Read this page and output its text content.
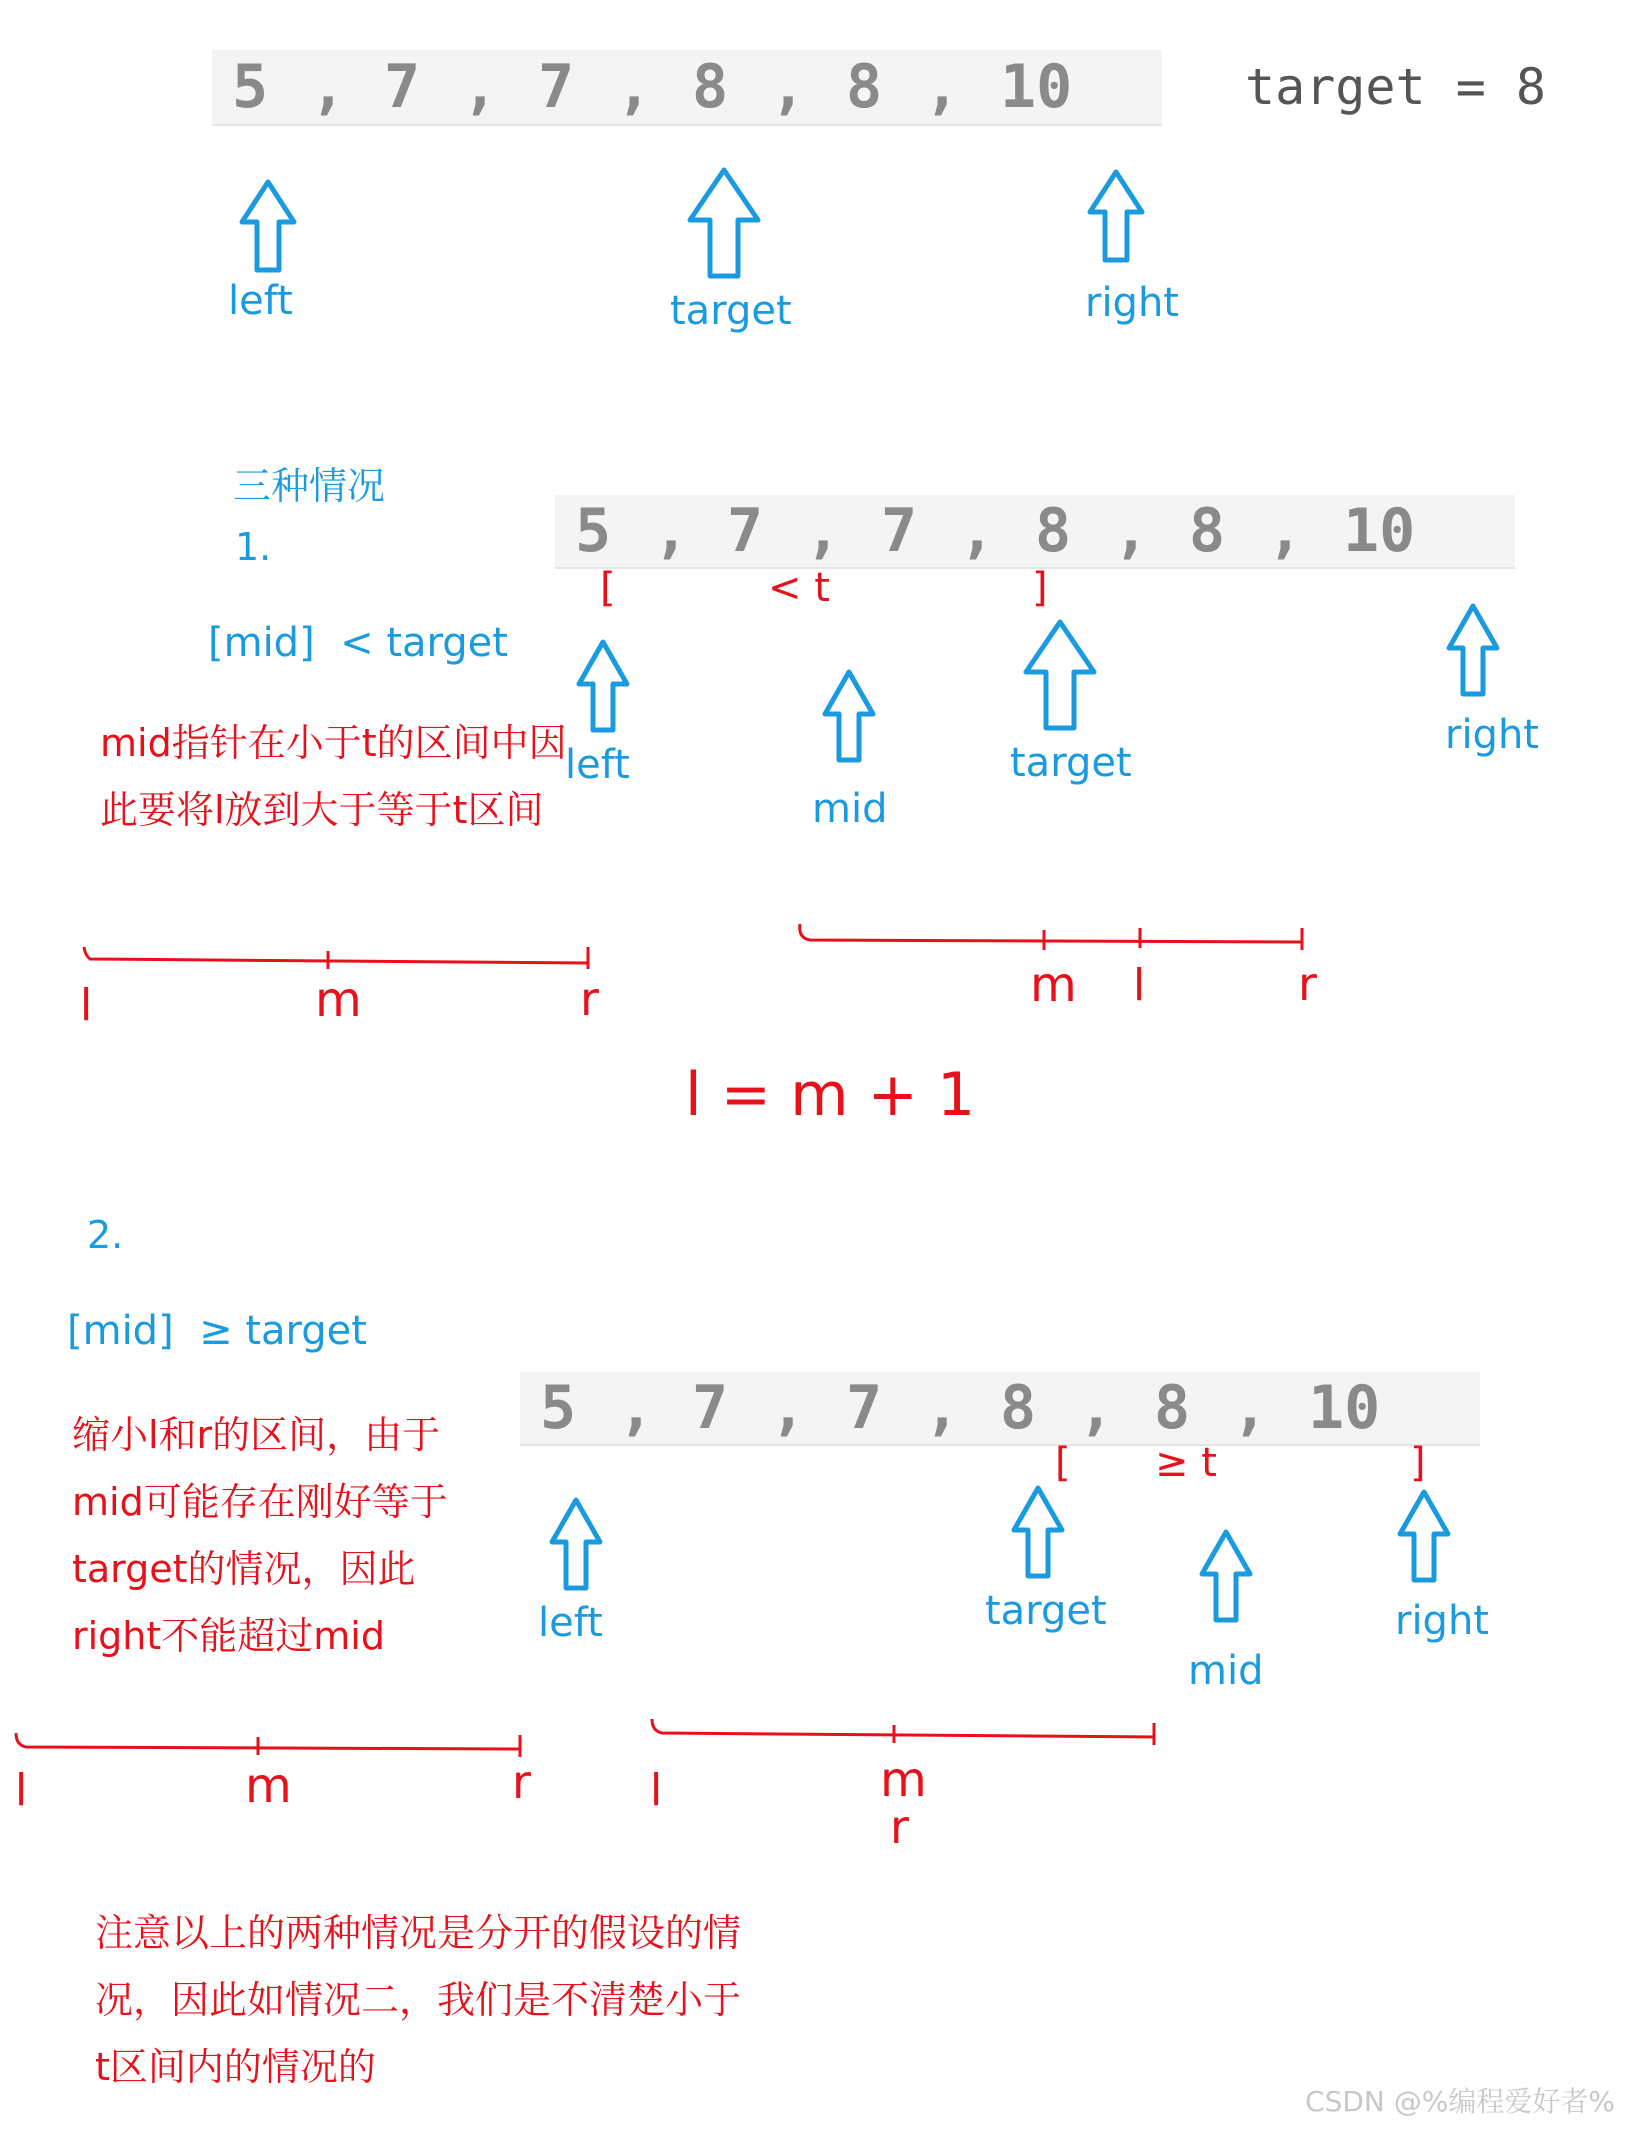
5 , 7 , 7 , 8 , 8 , 10	target = 8
left	target	right
三种情况
1.
[mid]  < target
5 , 7 , 7 , 8 , 8 , 10
[	< t	]
mid指针在小于t的区间中因此要将l放到大于等于t区间
left
mid
target
right
l	m	r	m l	r
l = m + 1
2.
[mid]  ≥ target
5 , 7 , 7 , 8 , 8 , 10
[ ≥ t	]
缩小l和r的区间，由于mid可能存在刚好等于target的情况，因此right不能超过mid	left	target
mid
right
l	m	r	l	m
r
注意以上的两种情况是分开的假设的情况，因此如情况二，我们是不清楚小于t区间内的情况的
CSDN @%编程爱好者%
